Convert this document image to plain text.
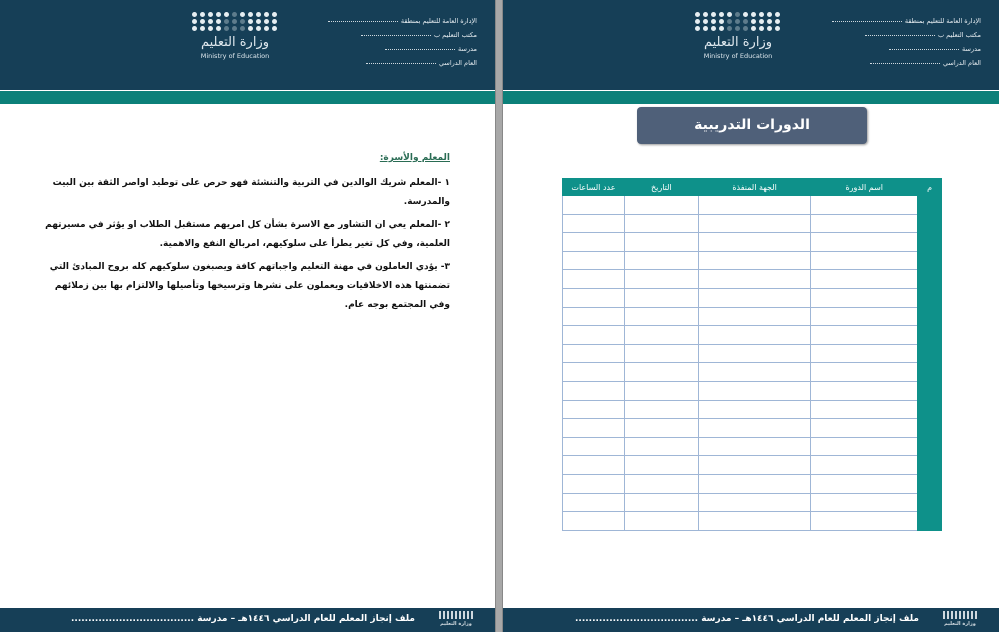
وزارة التعليم
Ministry of Education
الإدارة العامة للتعليم بمنطقة
مكتب التعليم ب
مدرسة
العام الدراسي
المعلم والأسرة:

١ -المعلم شريك الوالدين في التربية والتنشئة فهو حرص على توطيد اواصر الثقة بين البيت والمدرسة.

٢ -المعلم يعي ان التشاور مع الاسرة بشأن كل امريهم مستقبل الطلاب او يؤثر في مسيرتهم العلمية، وفي كل تغير يطرأ على سلوكيهم، امربالغ النفع والاهمية.

٣- يؤدي العاملون في مهنة التعليم واجباتهم كافة ويصبغون سلوكيهم كله بروح المبادئ التي تضمنتها هذه الاخلاقيات ويعملون على نشرها وترسيخها وتأصيلها والالتزام بها بين زملائهم وفي المجتمع بوجه عام.

وزارة التعليم
ملف إنجاز المعلم للعام الدراسي ١٤٤٦هـ – مدرسة ....................................
وزارة التعليم
Ministry of Education
الإدارة العامة للتعليم بمنطقة
مكتب التعليم ب
مدرسة
العام الدراسي
الدورات التدريبية
م	اسم الدورة	الجهة المنفذة	التاريخ	عدد الساعات

وزارة التعليم
ملف إنجاز المعلم للعام الدراسي ١٤٤٦هـ – مدرسة ....................................
